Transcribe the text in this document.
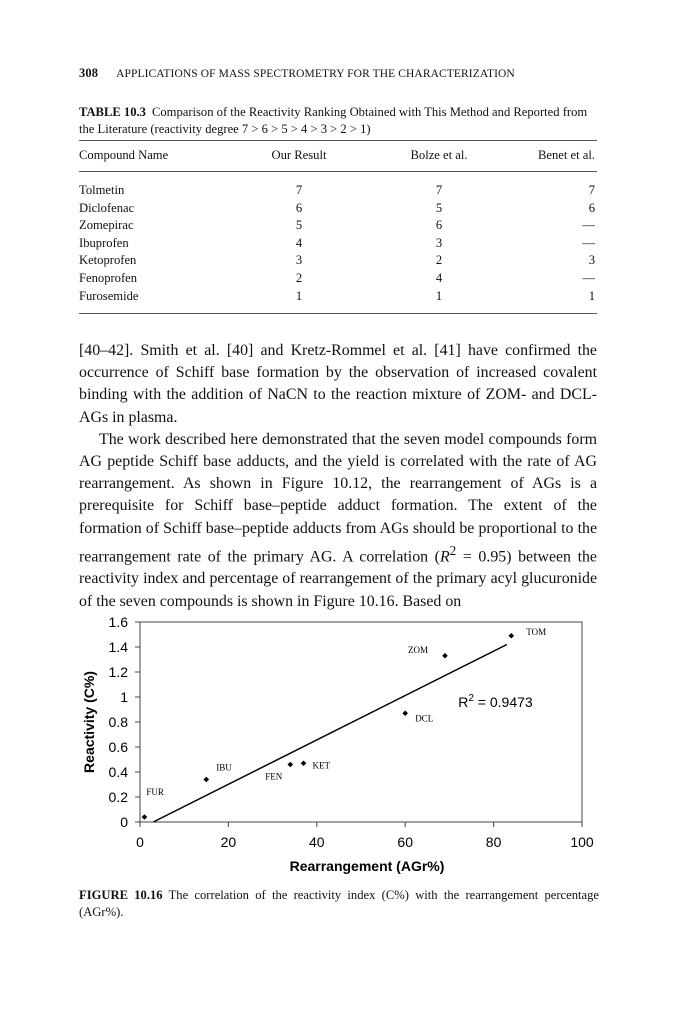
308 APPLICATIONS OF MASS SPECTROMETRY FOR THE CHARACTERIZATION
TABLE 10.3 Comparison of the Reactivity Ranking Obtained with This Method and Reported from the Literature (reactivity degree 7 > 6 > 5 > 4 > 3 > 2 > 1)
Compound Name	Our Result	Bolze et al.	Benet et al.
Tolmetin	7	7	7
Diclofenac	6	5	6
Zomepirac	5	6	—
Ibuprofen	4	3	—
Ketoprofen	3	2	3
Fenoprofen	2	4	—
Furosemide	1	1	1

[40–42]. Smith et al. [40] and Kretz-Rommel et al. [41] have confirmed the occurrence of Schiff base formation by the observation of increased covalent binding with the addition of NaCN to the reaction mixture of ZOM- and DCL-AGs in plasma.

The work described here demonstrated that the seven model compounds form AG peptide Schiff base adducts, and the yield is correlated with the rate of AG rearrangement. As shown in Figure 10.12, the rearrangement of AGs is a prerequisite for Schiff base–peptide adduct formation. The extent of the formation of Schiff base–peptide adducts from AGs should be proportional to the rearrangement rate of the primary AG. A correlation $(R^2 = 0.95)$ between the reactivity index and percentage of rearrangement of the primary acyl glucuronide of the seven compounds is shown in Figure 10.16. Based on

FUR
IBU
FEN
KET
DCL
ZOM
TOM
0
0.2
0.4
0.6
0.8
1
1.2
1.4
1.6
0	20	40	60	80	100
Rearrangement (AGr%)
Reactivity (C%)	$R^2 = 0.9473$
FIGURE 10.16 The correlation of the reactivity index (C%) with the rearrangement percentage (AGr%).
